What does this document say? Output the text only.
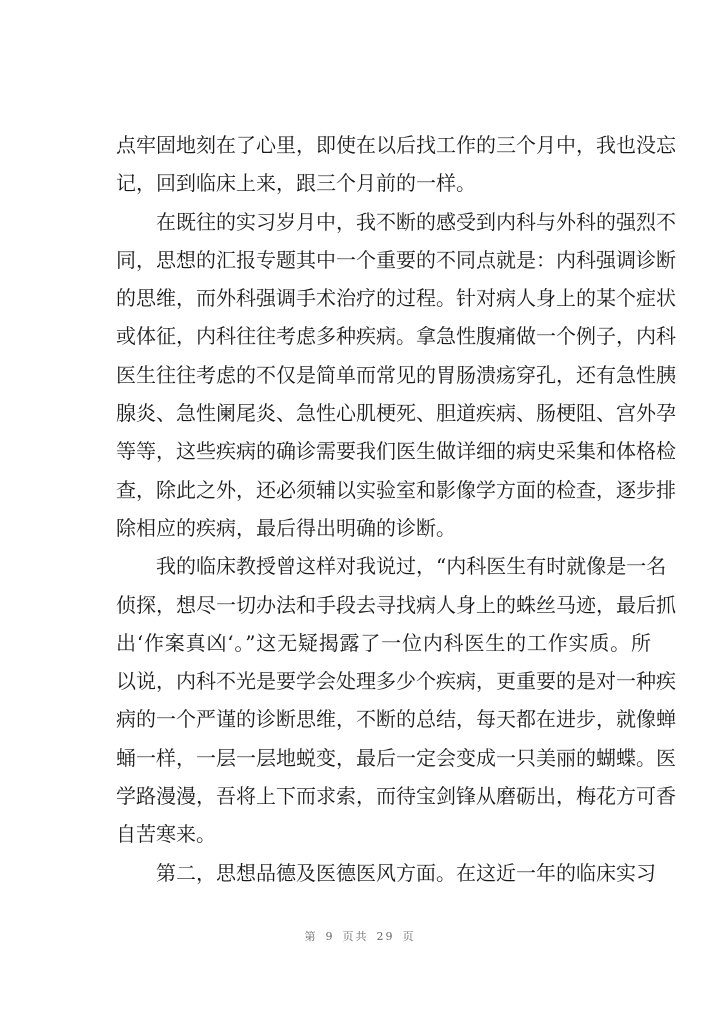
点牢固地刻在了心里，即使在以后找工作的三个月中，我也没忘
记，回到临床上来，跟三个月前的一样。
在既往的实习岁月中，我不断的感受到内科与外科的强烈不
同，思想的汇报专题其中一个重要的不同点就是：内科强调诊断
的思维，而外科强调手术治疗的过程。针对病人身上的某个症状
或体征，内科往往考虑多种疾病。拿急性腹痛做一个例子，内科
医生往往考虑的不仅是简单而常见的胃肠溃疡穿孔，还有急性胰
腺炎、急性阑尾炎、急性心肌梗死、胆道疾病、肠梗阻、宫外孕
等等，这些疾病的确诊需要我们医生做详细的病史采集和体格检
查，除此之外，还必须辅以实验室和影像学方面的检查，逐步排
除相应的疾病，最后得出明确的诊断。
我的临床教授曾这样对我说过，“内科医生有时就像是一名
侦探，想尽一切办法和手段去寻找病人身上的蛛丝马迹，最后抓
出‘作案真凶‘。”这无疑揭露了一位内科医生的工作实质。所
以说，内科不光是要学会处理多少个疾病，更重要的是对一种疾
病的一个严谨的诊断思维，不断的总结，每天都在进步，就像蝉
蛹一样，一层一层地蜕变，最后一定会变成一只美丽的蝴蝶。医
学路漫漫，吾将上下而求索，而待宝剑锋从磨砺出，梅花方可香
自苦寒来。
第二，思想品德及医德医风方面。在这近一年的临床实习
第 9 页共 29 页
